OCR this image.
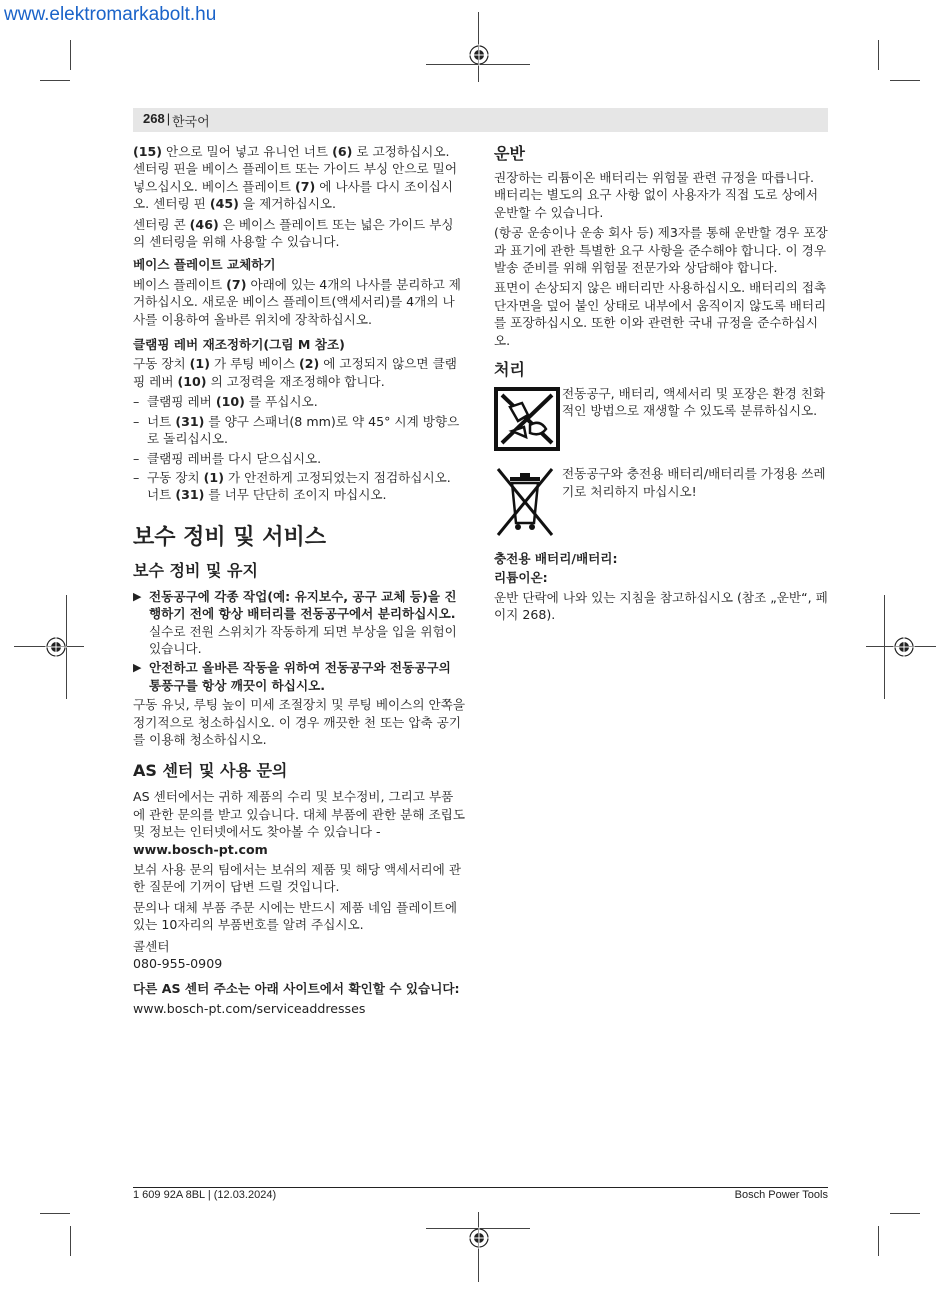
www.elektromarkabolt.hu
268 | 한국어

(15) 안으로 밀어 넣고 유니언 너트 (6) 로 고정하십시오. 센터링 핀을 베이스 플레이트 또는 가이드 부싱 안으로 밀어 넣으십시오. 베이스 플레이트 (7) 에 나사를 다시 조이십시오. 센터링 핀 (45) 을 제거하십시오.

센터링 콘 (46) 은 베이스 플레이트 또는 넓은 가이드 부싱의 센터링을 위해 사용할 수 있습니다.

베이스 플레이트 교체하기

베이스 플레이트 (7) 아래에 있는 4개의 나사를 분리하고 제거하십시오. 새로운 베이스 플레이트(액세서리)를 4개의 나사를 이용하여 올바른 위치에 장착하십시오.

클램핑 레버 재조정하기(그림 M 참조)

구동 장치 (1) 가 루팅 베이스 (2) 에 고정되지 않으면 클램핑 레버 (10) 의 고정력을 재조정해야 합니다.

– 클램핑 레버 (10) 를 푸십시오.
– 너트 (31) 를 양구 스패너(8 mm)로 약 45° 시계 방향으로 돌리십시오.
– 클램핑 레버를 다시 닫으십시오.
– 구동 장치 (1) 가 안전하게 고정되었는지 점검하십시오. 너트 (31) 를 너무 단단히 조이지 마십시오.
보수 정비 및 서비스
보수 정비 및 유지
▶ 전동공구에 각종 작업(예: 유지보수, 공구 교체 등)을 진행하기 전에 항상 배터리를 전동공구에서 분리하십시오. 실수로 전원 스위치가 작동하게 되면 부상을 입을 위험이 있습니다.
▶ 안전하고 올바른 작동을 위하여 전동공구와 전동공구의 통풍구를 항상 깨끗이 하십시오.

구동 유닛, 루팅 높이 미세 조절장치 및 루팅 베이스의 안쪽을 정기적으로 청소하십시오. 이 경우 깨끗한 천 또는 압축 공기를 이용해 청소하십시오.

AS 센터 및 사용 문의

AS 센터에서는 귀하 제품의 수리 및 보수정비, 그리고 부품에 관한 문의를 받고 있습니다. 대체 부품에 관한 분해 조립도 및 정보는 인터넷에서도 찾아볼 수 있습니다 - www.bosch-pt.com

보쉬 사용 문의 팀에서는 보쉬의 제품 및 해당 액세서리에 관한 질문에 기꺼이 답변 드릴 것입니다.

문의나 대체 부품 주문 시에는 반드시 제품 네임 플레이트에 있는 10자리의 부품번호를 알려 주십시오.

콜센터

080-955-0909

다른 AS 센터 주소는 아래 사이트에서 확인할 수 있습니다:

www.bosch-pt.com/serviceaddresses

운반

권장하는 리튬이온 배터리는 위험물 관련 규정을 따릅니다. 배터리는 별도의 요구 사항 없이 사용자가 직접 도로 상에서 운반할 수 있습니다.

(항공 운송이나 운송 회사 등) 제3자를 통해 운반할 경우 포장과 표기에 관한 특별한 요구 사항을 준수해야 합니다. 이 경우 발송 준비를 위해 위험물 전문가와 상담해야 합니다.

표면이 손상되지 않은 배터리만 사용하십시오. 배터리의 접촉 단자면을 덮어 붙인 상태로 내부에서 움직이지 않도록 배터리를 포장하십시오. 또한 이와 관련한 국내 규정을 준수하십시오.

처리

전동공구, 배터리, 액세서리 및 포장은 환경 친화적인 방법으로 재생할 수 있도록 분류하십시오.

전동공구와 충전용 배터리/배터리를 가정용 쓰레기로 처리하지 마십시오!

충전용 배터리/배터리:
리튬이온:

운반 단락에 나와 있는 지침을 참고하십시오 (참조 „운반“, 페이지 268).

1 609 92A 8BL | (12.03.2024)	Bosch Power Tools
